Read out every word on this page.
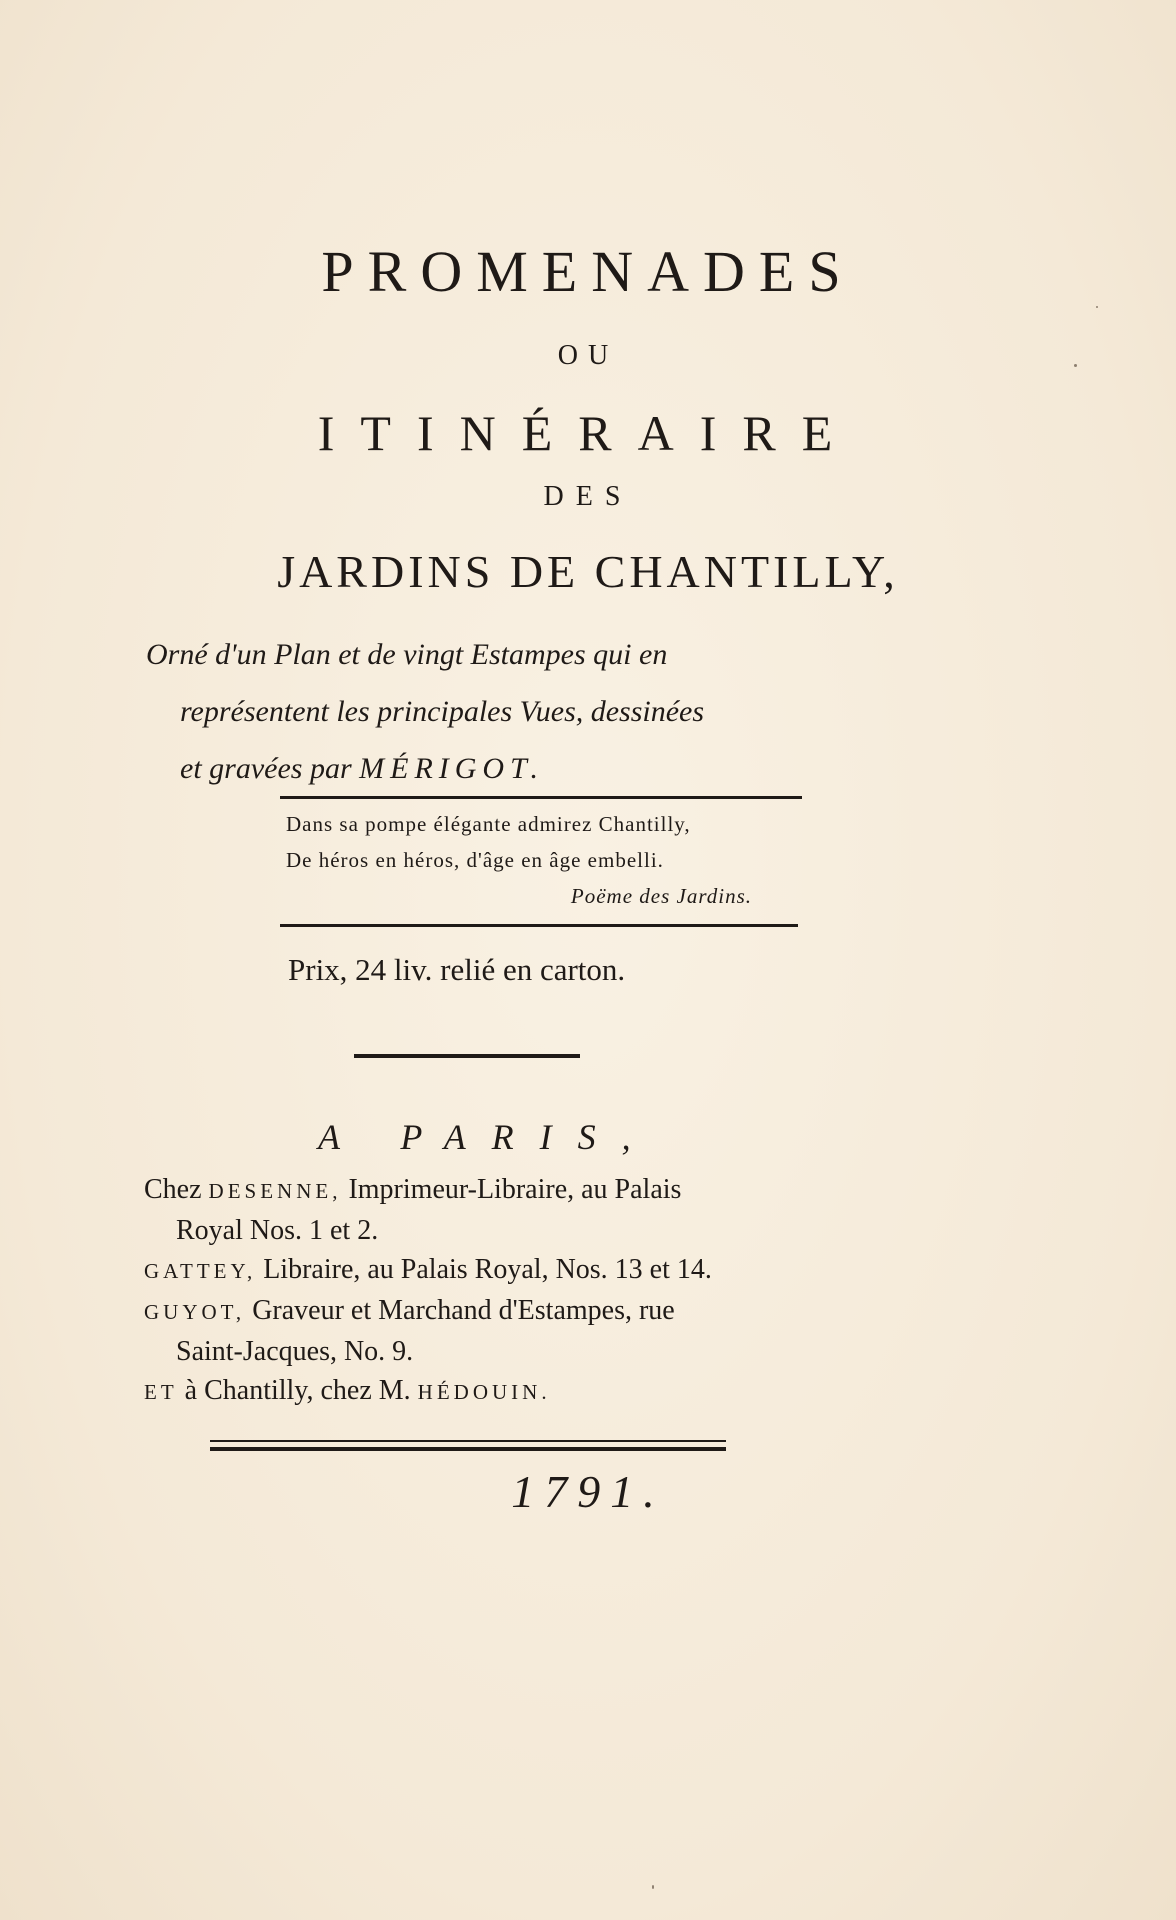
PROMENADES
OU
ITINÉRAIRE
DES
JARDINS DE CHANTILLY,
Orné d'un Plan et de vingt Estampes qui en
représentent les principales Vues, dessinées
et gravées par MÉRIGOT.
Dans sa pompe élégante admirez Chantilly,
De héros en héros, d'âge en âge embelli.
Poëme des Jardins.
Prix, 24 liv. relié en carton.
A PARIS,
Chez DESENNE, Imprimeur-Libraire, au Palais
Royal Nos. 1 et 2.
GATTEY, Libraire, au Palais Royal, Nos. 13 et 14.
GUYOT, Graveur et Marchand d'Estampes, rue
Saint-Jacques, No. 9.
ET à Chantilly, chez M. HÉDOUIN.
1791.
